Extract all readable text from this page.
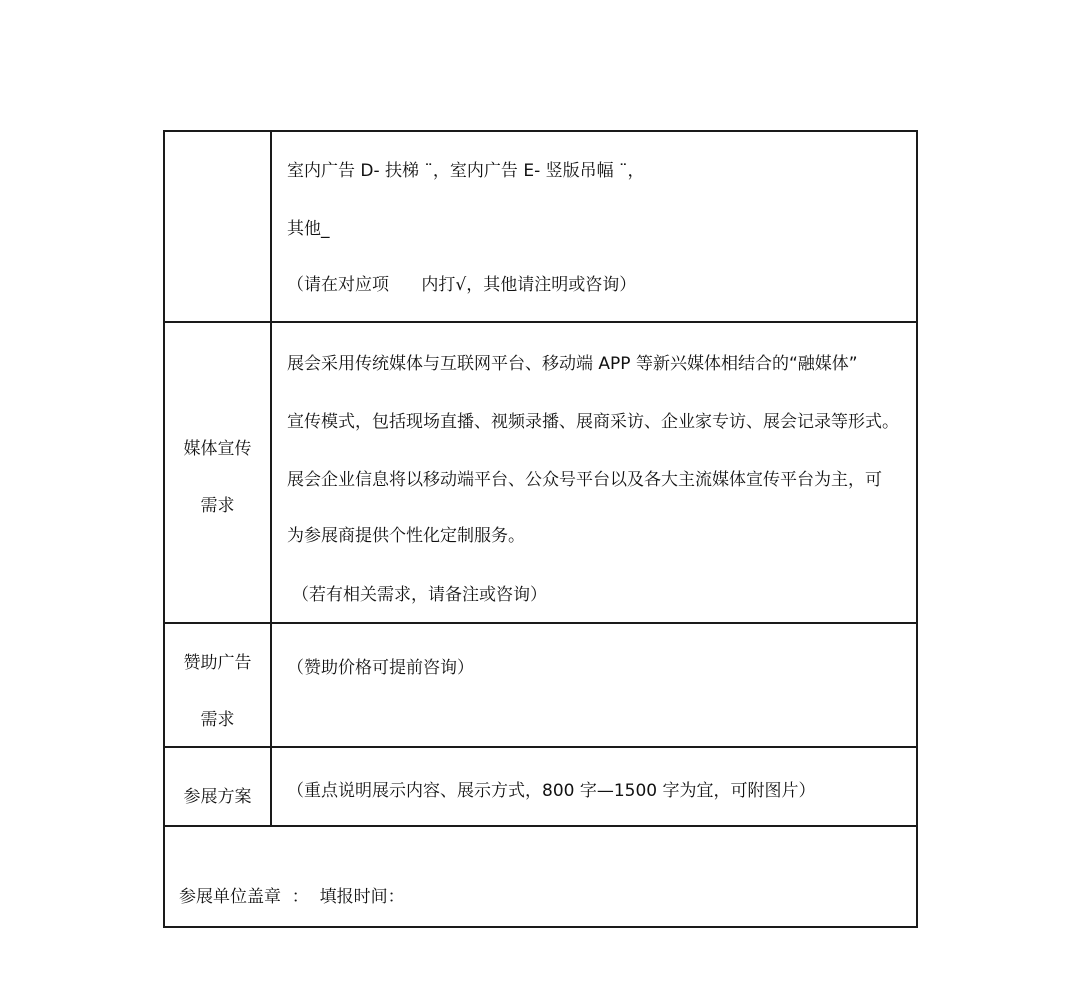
室内广告 D- 扶梯 ¨，室内广告 E- 竖版吊幅 ¨，
其他_
（请在对应项      内打√，其他请注明或咨询）
媒体宣传
需求
展会采用传统媒体与互联网平台、移动端 APP 等新兴媒体相结合的“融媒体”
宣传模式，包括现场直播、视频录播、展商采访、企业家专访、展会记录等形式。
展会企业信息将以移动端平台、公众号平台以及各大主流媒体宣传平台为主，可
为参展商提供个性化定制服务。
（若有相关需求，请备注或咨询）
赞助广告
需求
（赞助价格可提前咨询）
参展方案	（重点说明展示内容、展示方式，800 字—1500 字为宜，可附图片）
参展单位盖章  ：  填报时间：
